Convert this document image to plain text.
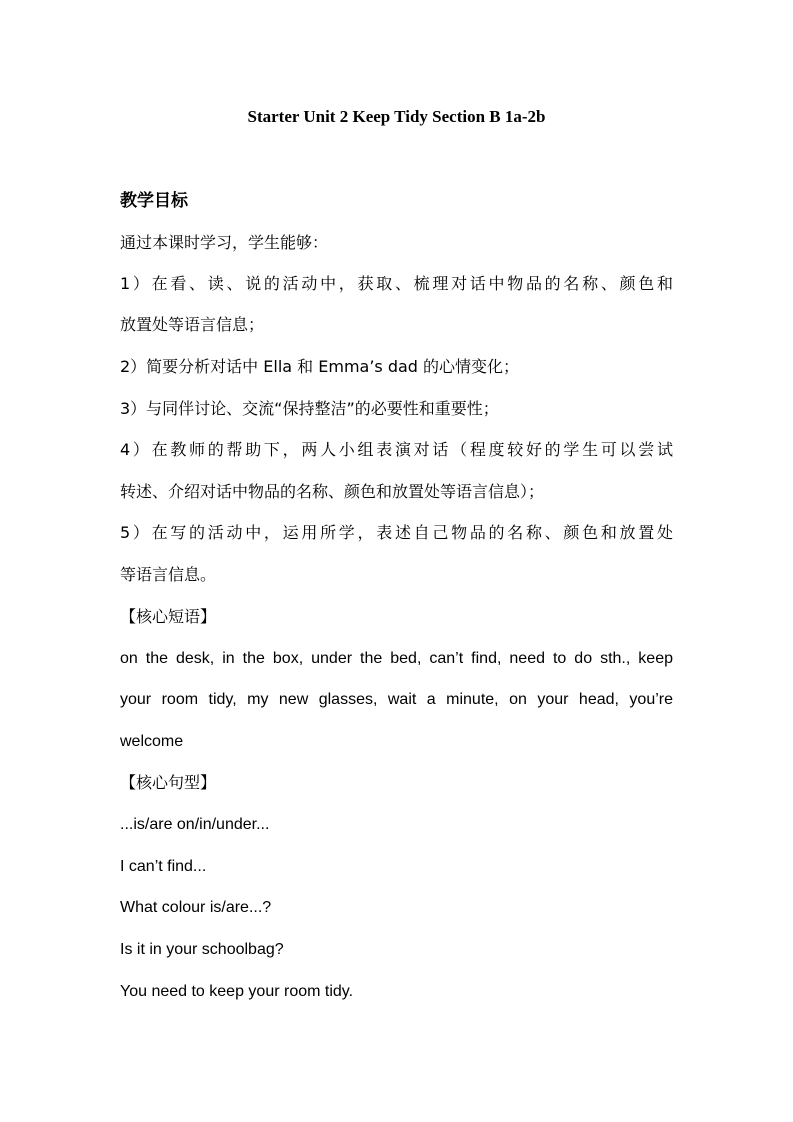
Starter Unit 2 Keep Tidy Section B 1a-2b
教学目标
通过本课时学习，学生能够：
1）在看、读、说的活动中，获取、梳理对话中物品的名称、颜色和
放置处等语言信息；
2）简要分析对话中 Ella 和 Emma’s dad 的心情变化；
3）与同伴讨论、交流“保持整洁”的必要性和重要性；
4）在教师的帮助下，两人小组表演对话（程度较好的学生可以尝试
转述、介绍对话中物品的名称、颜色和放置处等语言信息）；
5）在写的活动中，运用所学，表述自己物品的名称、颜色和放置处
等语言信息。
【核心短语】
on the desk, in the box, under the bed, can’t find, need to do sth., keep
your room tidy, my new glasses, wait a minute, on your head, you’re
welcome
【核心句型】
...is/are on/in/under...
I can’t find...
What colour is/are...?
Is it in your schoolbag?
You need to keep your room tidy.
